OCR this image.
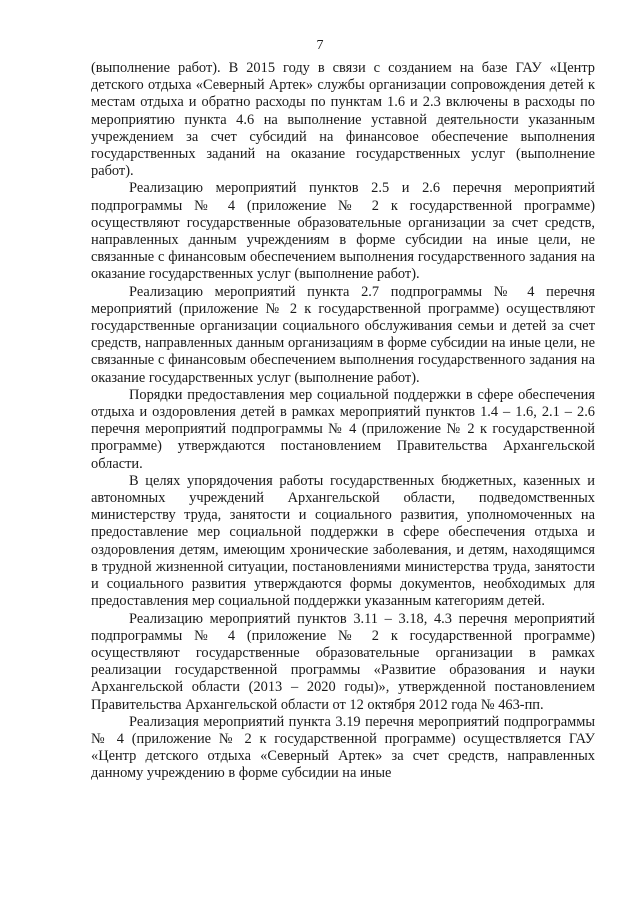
7

(выполнение работ). В 2015 году в связи с созданием на базе ГАУ «Центр детского отдыха «Северный Артек» службы организации сопровождения детей к местам отдыха и обратно расходы по пунктам 1.6 и 2.3 включены в расходы по мероприятию пункта 4.6 на выполнение уставной деятельности указанным учреждением за счет субсидий на финансовое обеспечение выполнения государственных заданий на оказание государственных услуг (выполнение работ).

Реализацию мероприятий пунктов 2.5 и 2.6 перечня мероприятий подпрограммы № 4 (приложение № 2 к государственной программе) осуществляют государственные образовательные организации за счет средств, направленных данным учреждениям в форме субсидии на иные цели, не связанные с финансовым обеспечением выполнения государственного задания на оказание государственных услуг (выполнение работ).

Реализацию мероприятий пункта 2.7 подпрограммы № 4 перечня мероприятий (приложение № 2 к государственной программе) осуществляют государственные организации социального обслуживания семьи и детей за счет средств, направленных данным организациям в форме субсидии на иные цели, не связанные с финансовым обеспечением выполнения государственного задания на оказание государственных услуг (выполнение работ).

Порядки предоставления мер социальной поддержки в сфере обеспечения отдыха и оздоровления детей в рамках мероприятий пунктов 1.4 – 1.6, 2.1 – 2.6 перечня мероприятий подпрограммы № 4 (приложение № 2 к государственной программе) утверждаются постановлением Правительства Архангельской области.

В целях упорядочения работы государственных бюджетных, казенных и автономных учреждений Архангельской области, подведомственных министерству труда, занятости и социального развития, уполномоченных на предоставление мер социальной поддержки в сфере обеспечения отдыха и оздоровления детям, имеющим хронические заболевания, и детям, находящимся в трудной жизненной ситуации, постановлениями министерства труда, занятости и социального развития утверждаются формы документов, необходимых для предоставления мер социальной поддержки указанным категориям детей.

Реализацию мероприятий пунктов 3.11 – 3.18, 4.3 перечня мероприятий подпрограммы № 4 (приложение № 2 к государственной программе) осуществляют государственные образовательные организации в рамках реализации государственной программы «Развитие образования и науки Архангельской области (2013 – 2020 годы)», утвержденной постановлением Правительства Архангельской области от 12 октября 2012 года № 463-пп.

Реализация мероприятий пункта 3.19 перечня мероприятий подпрограммы № 4 (приложение № 2 к государственной программе) осуществляется ГАУ «Центр детского отдыха «Северный Артек» за счет средств, направленных данному учреждению в форме субсидии на иные
